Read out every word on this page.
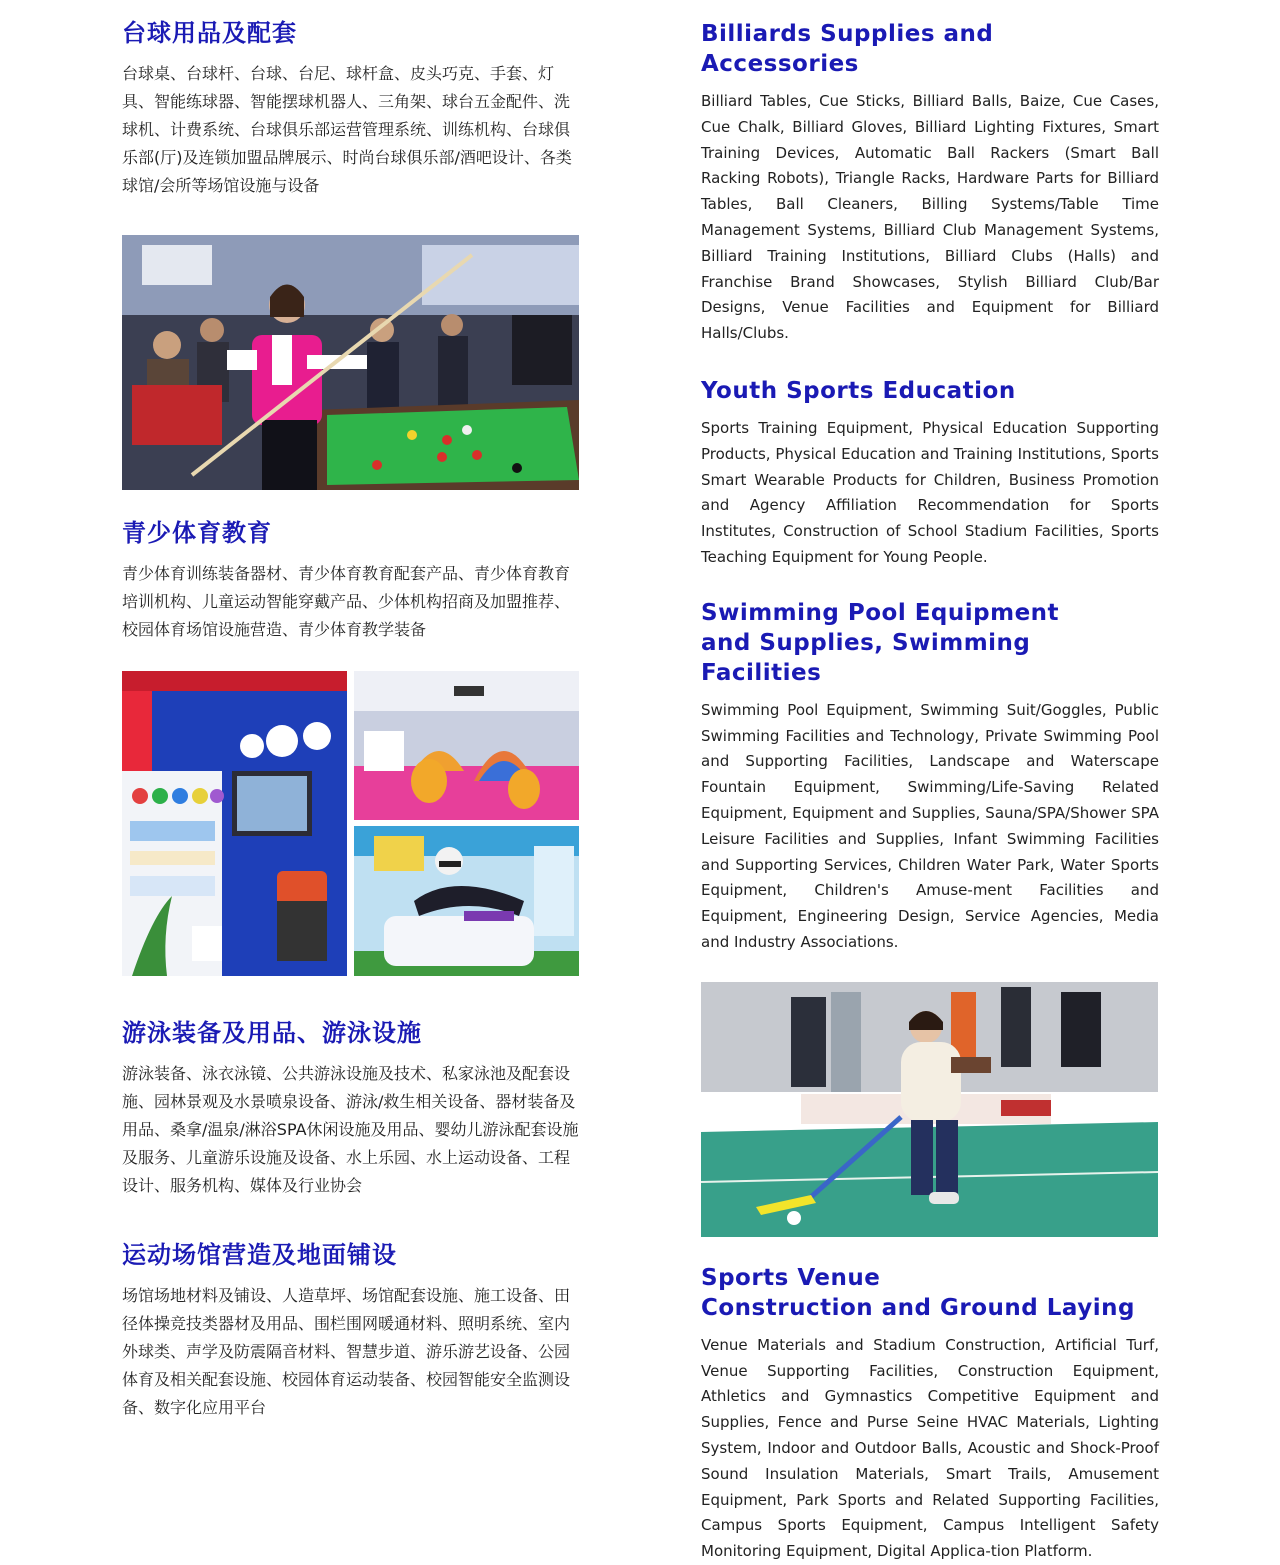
台球用品及配套

台球桌、台球杆、台球、台尼、球杆盒、皮头巧克、手套、灯具、智能练球器、智能摆球机器人、三角架、球台五金配件、洗球机、计费系统、台球俱乐部运营管理系统、训练机构、台球俱乐部(厅)及连锁加盟品牌展示、时尚台球俱乐部/酒吧设计、各类球馆/会所等场馆设施与设备

青少体育教育

青少体育训练装备器材、青少体育教育配套产品、青少体育教育培训机构、儿童运动智能穿戴产品、少体机构招商及加盟推荐、校园体育场馆设施营造、青少体育教学装备

游泳装备及用品、游泳设施

游泳装备、泳衣泳镜、公共游泳设施及技术、私家泳池及配套设施、园林景观及水景喷泉设备、游泳/救生相关设备、器材装备及用品、桑拿/温泉/淋浴SPA休闲设施及用品、婴幼儿游泳配套设施及服务、儿童游乐设施及设备、水上乐园、水上运动设备、工程设计、服务机构、媒体及行业协会

运动场馆营造及地面铺设

场馆场地材料及铺设、人造草坪、场馆配套设施、施工设备、田径体操竞技类器材及用品、围栏围网暖通材料、照明系统、室内外球类、声学及防震隔音材料、智慧步道、游乐游艺设备、公园体育及相关配套设施、校园体育运动装备、校园智能安全监测设备、数字化应用平台

Billiards Supplies and Accessories

Billiard Tables, Cue Sticks, Billiard Balls, Baize, Cue Cases, Cue Chalk, Billiard Gloves, Billiard Lighting Fixtures, Smart Training Devices, Automatic Ball Rackers (Smart Ball Racking Robots), Triangle Racks, Hardware Parts for Billiard Tables, Ball Cleaners, Billing Systems/Table Time Management Systems, Billiard Club Management Systems, Billiard Training Institutions, Billiard Clubs (Halls) and Franchise Brand Showcases, Stylish Billiard Club/Bar Designs, Venue Facilities and Equipment for Billiard Halls/Clubs.

Youth Sports Education

Sports Training Equipment, Physical Education Supporting Products, Physical Education and Training Institutions, Sports Smart Wearable Products for Children, Business Promotion and Agency Affiliation Recommendation for Sports Institutes, Construction of School Stadium Facilities, Sports Teaching Equipment for Young People.

Swimming Pool Equipment
and Supplies, Swimming Facilities

Swimming Pool Equipment, Swimming Suit/Goggles, Public Swimming Facilities and Technology, Private Swimming Pool and Supporting Facilities, Landscape and Waterscape Fountain Equipment, Swimming/Life-Saving Related Equipment, Equipment and Supplies, Sauna/SPA/Shower SPA Leisure Facilities and Supplies, Infant Swimming Facilities and Supporting Services, Children Water Park, Water Sports Equipment, Children's Amuse-ment Facilities and Equipment, Engineering Design, Service Agencies, Media and Industry Associations.

Sports Venue
Construction and Ground Laying

Venue Materials and Stadium Construction, Artificial Turf, Venue Supporting Facilities, Construction Equipment, Athletics and Gymnastics Competitive Equipment and Supplies, Fence and Purse Seine HVAC Materials, Lighting System, Indoor and Outdoor Balls, Acoustic and Shock-Proof Sound Insulation Materials, Smart Trails, Amusement Equipment, Park Sports and Related Supporting Facilities, Campus Sports Equipment, Campus Intelligent Safety Monitoring Equipment, Digital Applica-tion Platform.
